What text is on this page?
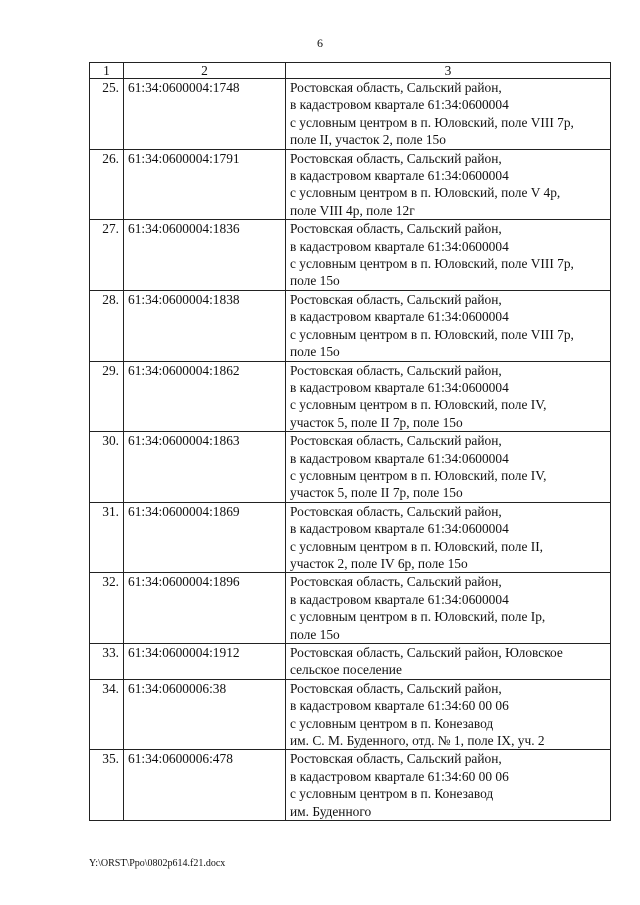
6
1	2	3
25.	61:34:0600004:1748	Ростовская область, Сальский район,
в кадастровом квартале 61:34:0600004
с условным центром в п. Юловский, поле VIII 7р,
поле II, участок 2, поле 15о
26.	61:34:0600004:1791	Ростовская область, Сальский район,
в кадастровом квартале 61:34:0600004
с условным центром в п. Юловский, поле V 4р,
поле VIII 4р, поле 12г
27.	61:34:0600004:1836	Ростовская область, Сальский район,
в кадастровом квартале 61:34:0600004
с условным центром в п. Юловский, поле VIII 7р,
поле 15о
28.	61:34:0600004:1838	Ростовская область, Сальский район,
в кадастровом квартале 61:34:0600004
с условным центром в п. Юловский, поле VIII 7р,
поле 15о
29.	61:34:0600004:1862	Ростовская область, Сальский район,
в кадастровом квартале 61:34:0600004
с условным центром в п. Юловский, поле IV,
участок 5, поле II 7р, поле 15о
30.	61:34:0600004:1863	Ростовская область, Сальский район,
в кадастровом квартале 61:34:0600004
с условным центром в п. Юловский, поле IV,
участок 5, поле II 7р, поле 15о
31.	61:34:0600004:1869	Ростовская область, Сальский район,
в кадастровом квартале 61:34:0600004
с условным центром в п. Юловский, поле II,
участок 2, поле IV 6р, поле 15о
32.	61:34:0600004:1896	Ростовская область, Сальский район,
в кадастровом квартале 61:34:0600004
с условным центром в п. Юловский, поле Iр,
поле 15о
33.	61:34:0600004:1912	Ростовская область, Сальский район, Юловское
сельское поселение
34.	61:34:0600006:38	Ростовская область, Сальский район,
в кадастровом квартале 61:34:60 00 06
с условным центром в п. Конезавод
им. С. М. Буденного, отд. № 1, поле IX, уч. 2
35.	61:34:0600006:478	Ростовская область, Сальский район,
в кадастровом квартале 61:34:60 00 06
с условным центром в п. Конезавод
им. Буденного
Y:\ORST\Ppo\0802p614.f21.docx
